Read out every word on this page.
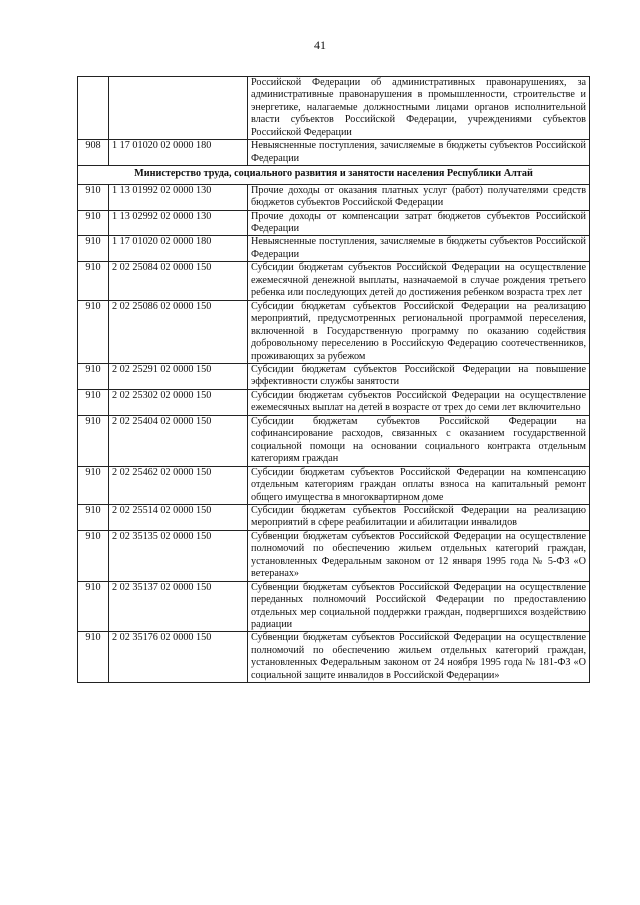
41
		Российской Федерации об административных правонарушениях, за административные правонарушения в промышленности, строительстве и энергетике, налагаемые должностными лицами органов исполнительной власти субъектов Российской Федерации, учреждениями субъектов Российской Федерации
908	1 17 01020 02 0000 180	Невыясненные поступления, зачисляемые в бюджеты субъектов Российской Федерации
Министерство труда, социального развития и занятости населения Республики Алтай		
910	1 13 01992 02 0000 130	Прочие доходы от оказания платных услуг (работ) получателями средств бюджетов субъектов Российской Федерации
910	1 13 02992 02 0000 130	Прочие доходы от компенсации затрат бюджетов субъектов Российской Федерации
910	1 17 01020 02 0000 180	Невыясненные поступления, зачисляемые в бюджеты субъектов Российской Федерации
910	2 02 25084 02 0000 150	Субсидии бюджетам субъектов Российской Федерации на осуществление ежемесячной денежной выплаты, назначаемой в случае рождения третьего ребенка или последующих детей до достижения ребенком возраста трех лет
910	2 02 25086 02 0000 150	Субсидии бюджетам субъектов Российской Федерации на реализацию мероприятий, предусмотренных региональной программой переселения, включенной в Государственную программу по оказанию содействия добровольному переселению в Российскую Федерацию соотечественников, проживающих за рубежом
910	2 02 25291 02 0000 150	Субсидии бюджетам субъектов Российской Федерации на повышение эффективности службы занятости
910	2 02 25302 02 0000 150	Субсидии бюджетам субъектов Российской Федерации на осуществление ежемесячных выплат на детей в возрасте от трех до семи лет включительно
910	2 02 25404 02 0000 150	Субсидии бюджетам субъектов Российской Федерации на софинансирование расходов, связанных с оказанием государственной социальной помощи на основании социального контракта отдельным категориям граждан
910	2 02 25462 02 0000 150	Субсидии бюджетам субъектов Российской Федерации на компенсацию отдельным категориям граждан оплаты взноса на капитальный ремонт общего имущества в многоквартирном доме
910	2 02 25514 02 0000 150	Субсидии бюджетам субъектов Российской Федерации на реализацию мероприятий в сфере реабилитации и абилитации инвалидов
910	2 02 35135 02 0000 150	Субвенции бюджетам субъектов Российской Федерации на осуществление полномочий по обеспечению жильем отдельных категорий граждан, установленных Федеральным законом от 12 января 1995 года № 5-ФЗ «О ветеранах»
910	2 02 35137 02 0000 150	Субвенции бюджетам субъектов Российской Федерации на осуществление переданных полномочий Российской Федерации по предоставлению отдельных мер социальной поддержки граждан, подвергшихся воздействию радиации
910	2 02 35176 02 0000 150	Субвенции бюджетам субъектов Российской Федерации на осуществление полномочий по обеспечению жильем отдельных категорий граждан, установленных Федеральным законом от 24 ноября 1995 года № 181-ФЗ «О социальной защите инвалидов в Российской Федерации»
